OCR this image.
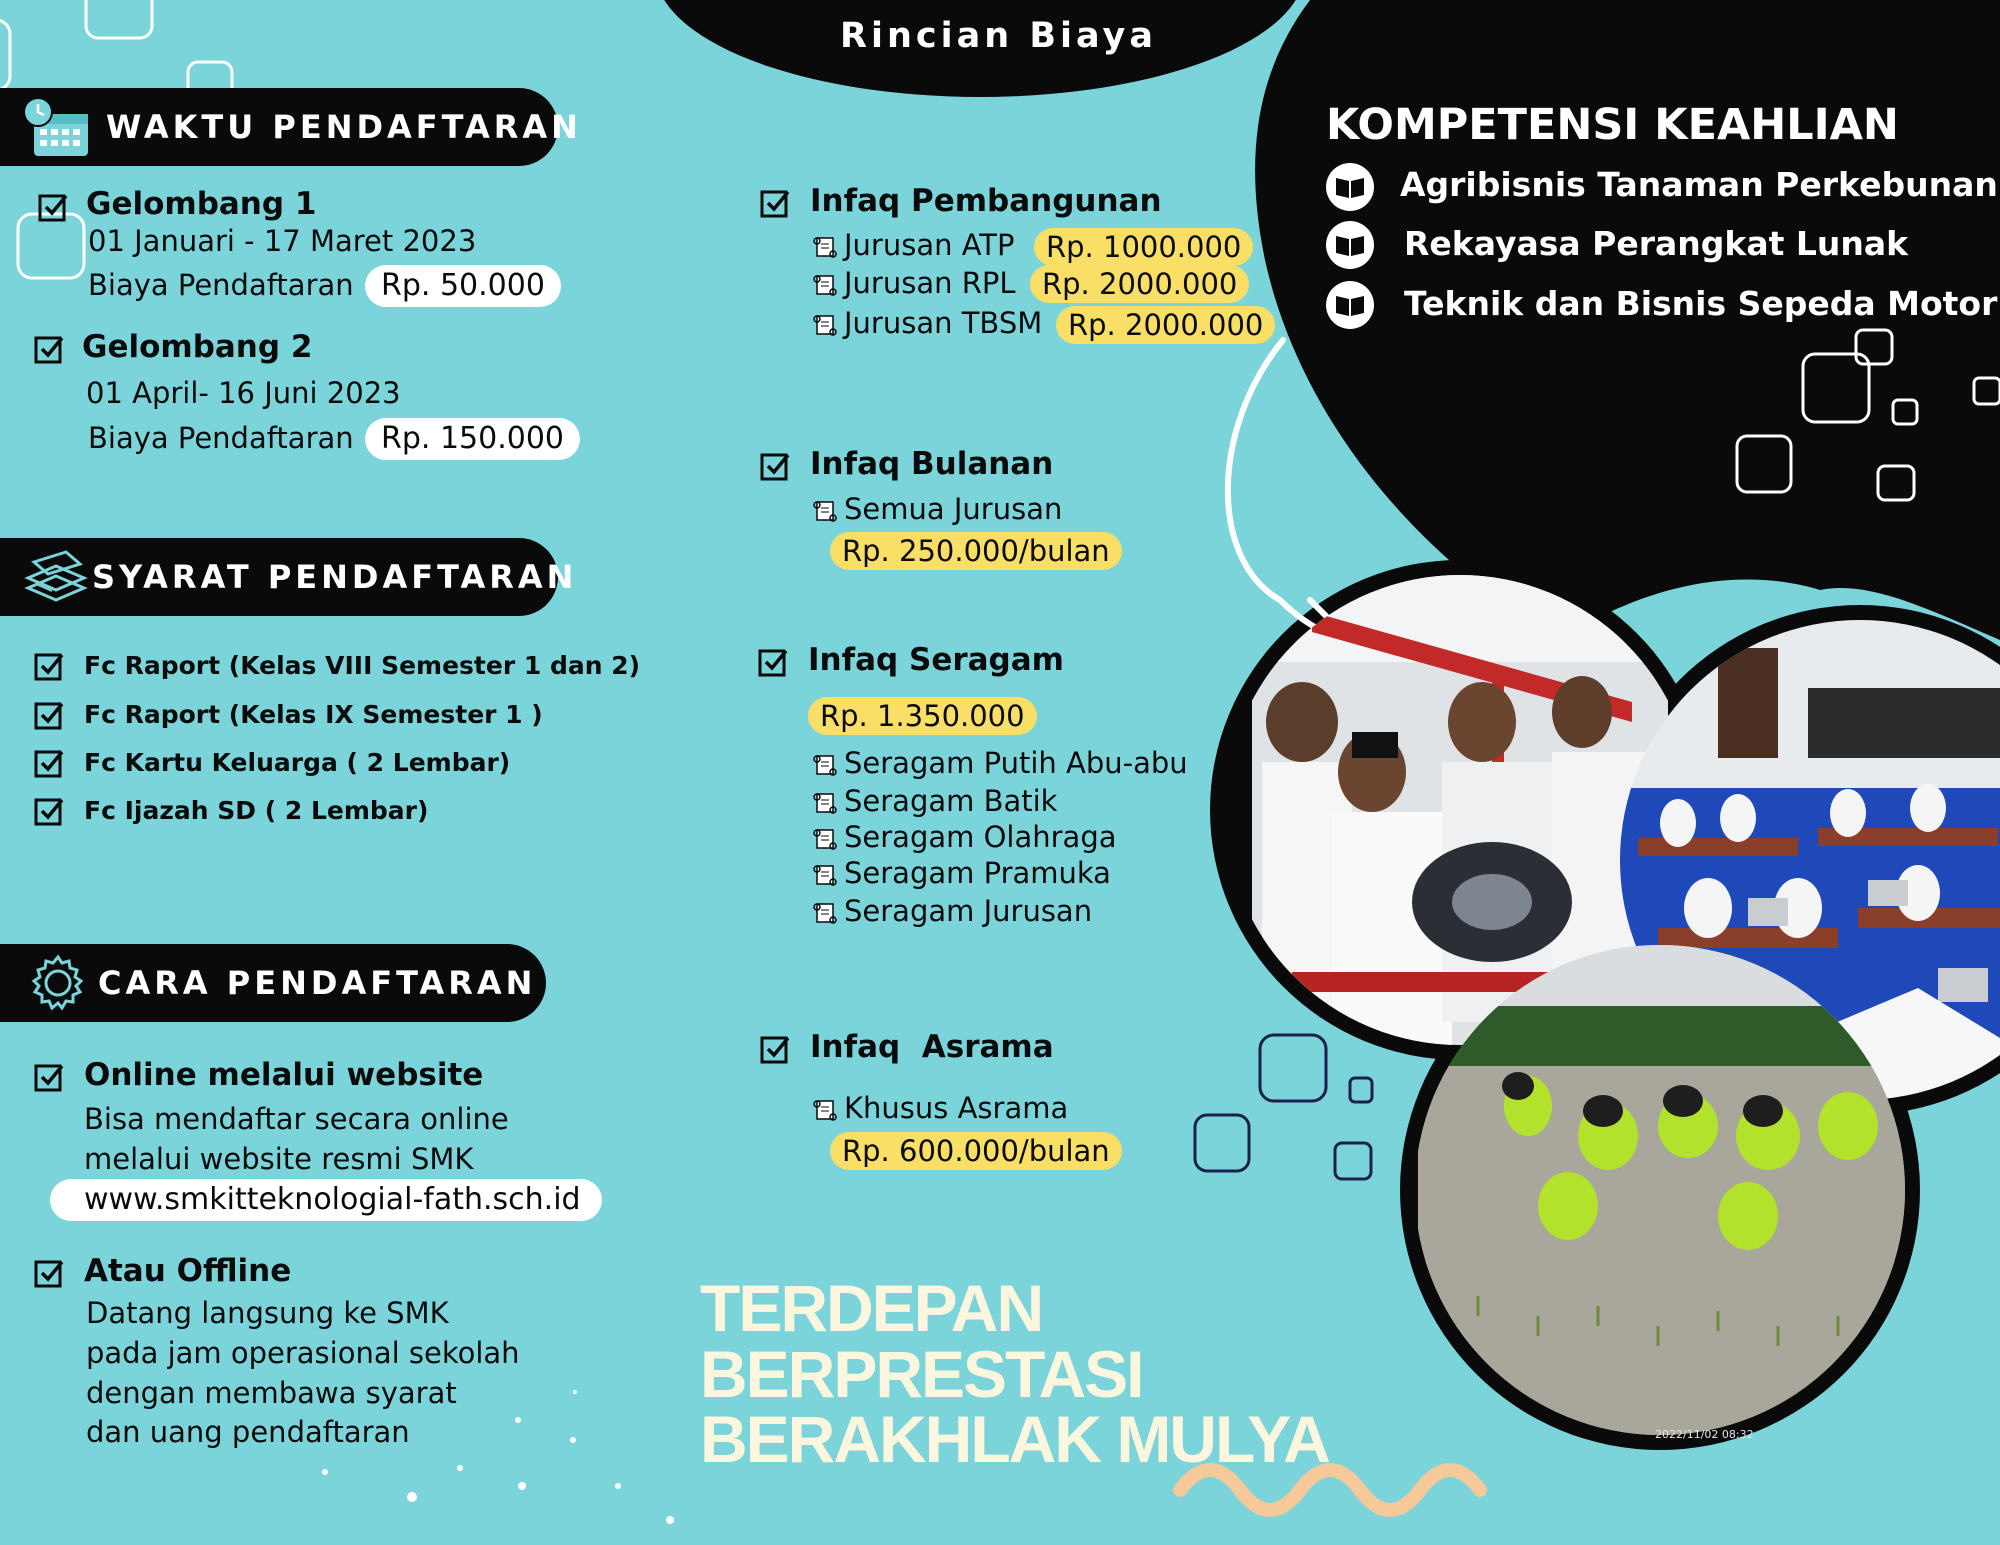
2022/11/02 08:32
Rincian Biaya
WAKTU PENDAFTARAN
Gelombang 1
01 Januari - 17 Maret 2023
Biaya Pendaftaran Rp. 50.000
Gelombang 2
01 April- 16 Juni 2023
Biaya Pendaftaran Rp. 150.000
SYARAT PENDAFTARAN
Fc Raport (Kelas VIII Semester 1 dan 2)
Fc Raport (Kelas IX Semester 1 )
Fc Kartu Keluarga ( 2 Lembar)
Fc Ijazah SD ( 2 Lembar)
CARA PENDAFTARAN
Online melalui website
Bisa mendaftar secara online
melalui website resmi SMK
www.smkitteknologial-fath.sch.id
Atau Offline
Datang langsung ke SMK
pada jam operasional sekolah
dengan membawa syarat
dan uang pendaftaran
Infaq Pembangunan
Jurusan ATP	Rp. 1000.000
Jurusan RPL Rp. 2000.000
Jurusan TBSM Rp. 2000.000
Infaq Bulanan
Semua Jurusan
Rp. 250.000/bulan
Infaq Seragam
Rp. 1.350.000
Seragam Putih Abu-abu
Seragam Batik
Seragam Olahraga
Seragam Pramuka
Seragam Jurusan
Infaq  Asrama
Khusus Asrama
Rp. 600.000/bulan
KOMPETENSI KEAHLIAN
Agribisnis Tanaman Perkebunan
Rekayasa Perangkat Lunak
Teknik dan Bisnis Sepeda Motor
TERDEPAN
BERPRESTASI
BERAKHLAK MULYA
